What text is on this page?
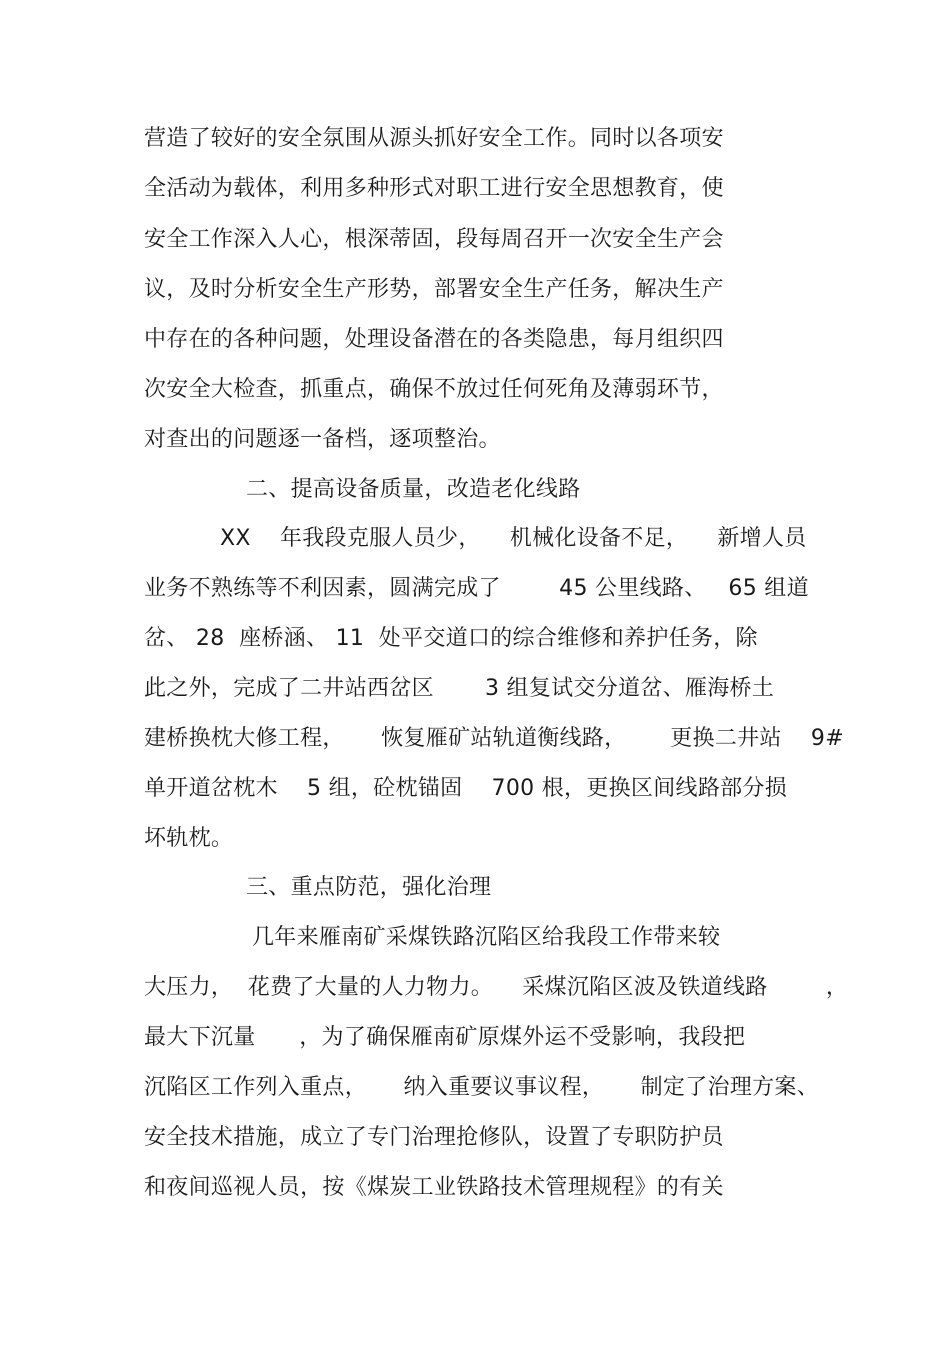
营造了较好的安全氛围从源头抓好安全工作。同时以各项安
全活动为载体，利用多种形式对职工进行安全思想教育，使
安全工作深入人心，根深蒂固，段每周召开一次安全生产会
议，及时分析安全生产形势，部署安全生产任务，解决生产
中存在的各种问题，处理设备潜在的各类隐患，每月组织四
次安全大检查，抓重点，确保不放过任何死角及薄弱环节，
对查出的问题逐一备档，逐项整治。
二、提高设备质量，改造老化线路
XX    年我段克服人员少，    机械化设备不足，    新增人员
业务不熟练等不利因素，圆满完成了        45 公里线路、   65 组道
岔、 28  座桥涵、 11  处平交道口的综合维修和养护任务，除
此之外，完成了二井站西岔区       3 组复试交分道岔、雁海桥土
建桥换枕大修工程，     恢复雁矿站轨道衡线路，      更换二井站    9#
单开道岔枕木    5 组，砼枕锚固    700 根，更换区间线路部分损
坏轨枕。
三、重点防范，强化治理
几年来雁南矿采煤铁路沉陷区给我段工作带来较
大压力，  花费了大量的人力物力。    采煤沉陷区波及铁道线路        ，
最大下沉量      ，为了确保雁南矿原煤外运不受影响，我段把
沉陷区工作列入重点，     纳入重要议事议程，     制定了治理方案、
安全技术措施，成立了专门治理抢修队，设置了专职防护员
和夜间巡视人员，按《煤炭工业铁路技术管理规程》的有关
